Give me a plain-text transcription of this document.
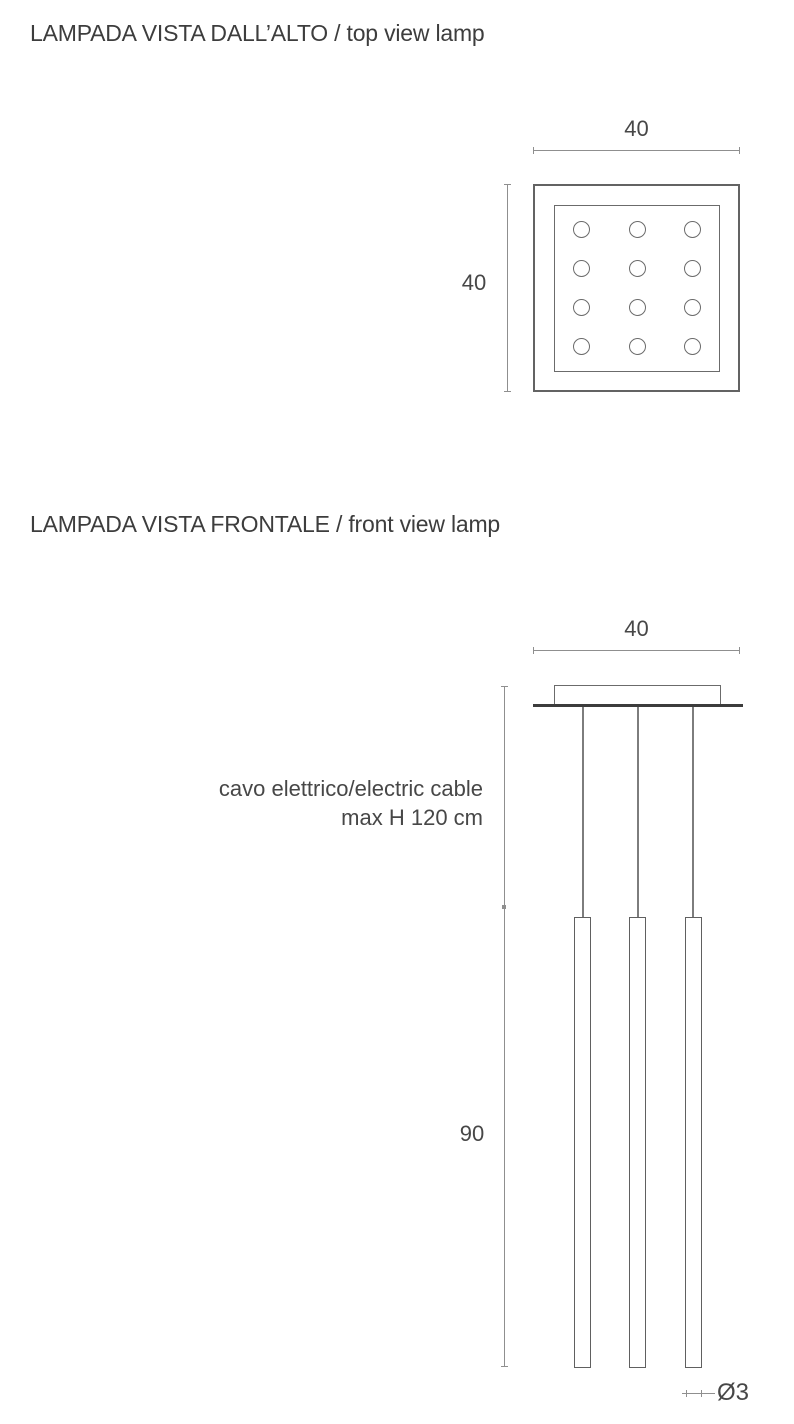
LAMPADA VISTA DALL’ALTO / top view lamp
40
40
LAMPADA VISTA FRONTALE / front view lamp
40
cavo elettrico/electric cable
max H 120 cm
90
Ø3
